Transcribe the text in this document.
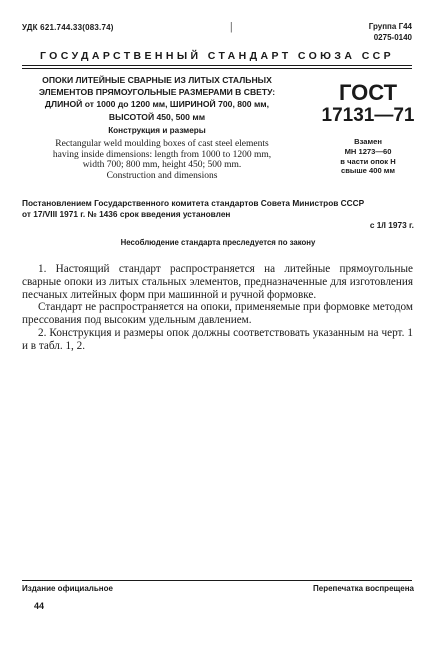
УДК 621.744.33(083.74)	|	Группа Г44
0275-0140
ГОСУДАРСТВЕННЫЙ СТАНДАРТ СОЮЗА ССР
ОПОКИ ЛИТЕЙНЫЕ СВАРНЫЕ ИЗ ЛИТЫХ СТАЛЬНЫХ
ЭЛЕМЕНТОВ ПРЯМОУГОЛЬНЫЕ РАЗМЕРАМИ В СВЕТУ:
ДЛИНОЙ от 1000 до 1200 мм, ШИРИНОЙ 700, 800 мм,
ВЫСОТОЙ 450, 500 мм
Конструкция и размеры
Rectangular weld moulding boxes of cast steel elements
having inside dimensions: length from 1000 to 1200 mm,
width 700; 800 mm, height 450; 500 mm.
Construction and dimensions
ГОСТ
17131—71
Взамен
МН 1273—60
в части опок Н
свыше 400 мм
Постановлением Государственного комитета стандартов Совета Министров СССР
от 17/VIII 1971 г. № 1436 срок введения установлен
с 1/I 1973 г.
Несоблюдение стандарта преследуется по закону

1. Настоящий стандарт распространяется на литейные прямоугольные сварные опоки из литых стальных элементов, предназначенные для изготовления песчаных литейных форм при машинной и ручной формовке.

Стандарт не распространяется на опоки, применяемые при формовке методом прессования под высоким удельным давлением.

2. Конструкция и размеры опок должны соответствовать указанным на черт. 1 и в табл. 1, 2.

Издание официальное	Перепечатка воспрещена
44
